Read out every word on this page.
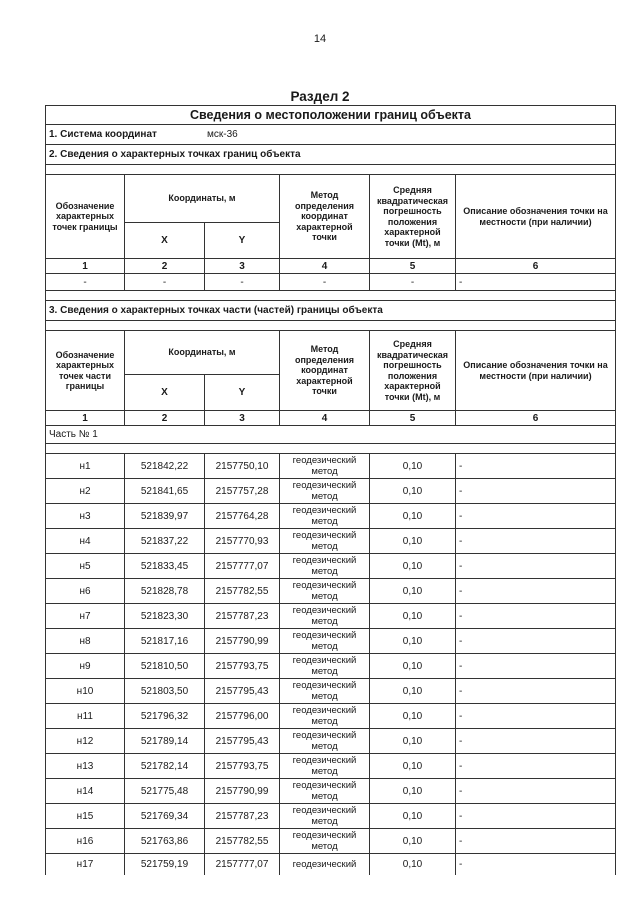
14
Раздел 2
Сведения о местоположении границ объекта					
1. Система координат мск-36					
2. Сведения о характерных точках границ объекта					

Обозначение характерных точек границы	Координаты, м		Метод определения координат характерной точки	Средняя квадратическая погрешность положения характерной точки (Mt), м	Описание обозначения точки на местности (при наличии)
	X	Y			
1	2	3	4	5	6
-	-	-	-	-	-

3. Сведения о характерных точках части (частей) границы объекта					

Обозначение характерных точек части границы	Координаты, м		Метод определения координат характерной точки	Средняя квадратическая погрешность положения характерной точки (Mt), м	Описание обозначения точки на местности (при наличии)
	X	Y			
1	2	3	4	5	6
Часть № 1					

н1	521842,22	2157750,10	геодезический метод	0,10	-
н2	521841,65	2157757,28	геодезический метод	0,10	-
н3	521839,97	2157764,28	геодезический метод	0,10	-
н4	521837,22	2157770,93	геодезический метод	0,10	-
н5	521833,45	2157777,07	геодезический метод	0,10	-
н6	521828,78	2157782,55	геодезический метод	0,10	-
н7	521823,30	2157787,23	геодезический метод	0,10	-
н8	521817,16	2157790,99	геодезический метод	0,10	-
н9	521810,50	2157793,75	геодезический метод	0,10	-
н10	521803,50	2157795,43	геодезический метод	0,10	-
н11	521796,32	2157796,00	геодезический метод	0,10	-
н12	521789,14	2157795,43	геодезический метод	0,10	-
н13	521782,14	2157793,75	геодезический метод	0,10	-
н14	521775,48	2157790,99	геодезический метод	0,10	-
н15	521769,34	2157787,23	геодезический метод	0,10	-
н16	521763,86	2157782,55	геодезический метод	0,10	-
н17	521759,19	2157777,07	геодезический	0,10	-
